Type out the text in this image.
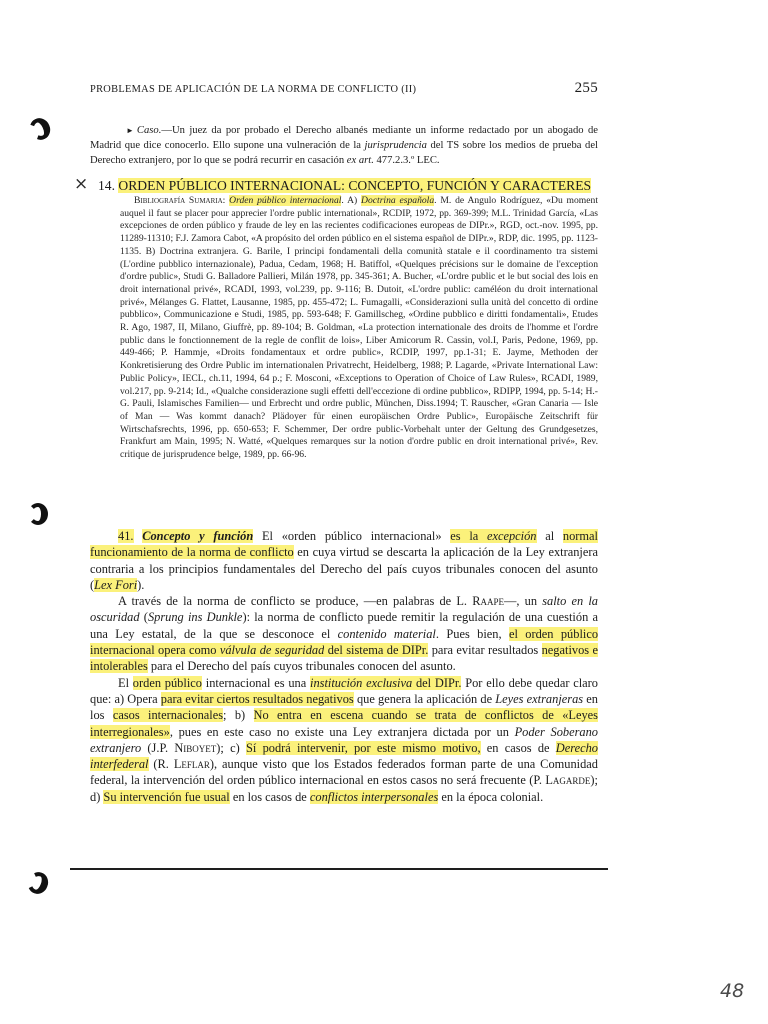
PROBLEMAS DE APLICACIÓN DE LA NORMA DE CONFLICTO (II)	255
► Caso.—Un juez da por probado el Derecho albanés mediante un informe redactado por un abogado de Madrid que dice conocerlo. Ello supone una vulneración de la jurisprudencia del TS sobre los medios de prueba del Derecho extranjero, por lo que se podrá recurrir en casación ex art. 477.2.3.º LEC.
× 14. ORDEN PÚBLICO INTERNACIONAL: CONCEPTO, FUNCIÓN Y CARACTERES

Bibliografía Sumaria: Orden público internacional. A) Doctrina española. M. de Angulo Rodríguez, «Du moment auquel il faut se placer pour apprecier l'ordre public international», RCDIP, 1972, pp. 369-399; M.L. Trinidad García, «Las excepciones de orden público y fraude de ley en las recientes codificaciones europeas de DIPr.», RGD, oct.-nov. 1995, pp. 11289-11310; F.J. Zamora Cabot, «A propósito del orden público en el sistema español de DIPr.», RDP, dic. 1995, pp. 1123-1135. B) Doctrina extranjera. G. Barile, I principi fondamentali della comunità statale e il coordinamento tra sistemi (L'ordine pubblico internazionale), Padua, Cedam, 1968; H. Batiffol, «Quelques précisions sur le domaine de l'exception d'ordre public», Studi G. Balladore Pallieri, Milán 1978, pp. 345-361; A. Bucher, «L'ordre public et le but social des lois en droit international privé», RCADI, 1993, vol.239, pp. 9-116; B. Dutoit, «L'ordre public: caméléon du droit international privé», Mélanges G. Flattet, Lausanne, 1985, pp. 455-472; L. Fumagalli, «Considerazioni sulla unità del concetto di ordine pubblico», Communicazione e Studi, 1985, pp. 593-648; F. Gamillscheg, «Ordine pubblico e diritti fondamentali», Etudes R. Ago, 1987, II, Milano, Giuffrè, pp. 89-104; B. Goldman, «La protection internationale des droits de l'homme et l'ordre public dans le fonctionnement de la regle de conflit de lois», Liber Amicorum R. Cassin, vol.I, Paris, Pedone, 1969, pp. 449-466; P. Hammje, «Droits fondamentaux et ordre public», RCDIP, 1997, pp.1-31; E. Jayme, Methoden der Konkretisierung des Ordre Public im internationalen Privatrecht, Heidelberg, 1988; P. Lagarde, «Private International Law: Public Policy», IECL, ch.11, 1994, 64 p.; F. Mosconi, «Exceptions to Operation of Choice of Law Rules», RCADI, 1989, vol.217, pp. 9-214; Id., «Qualche considerazione sugli effetti dell'eccezione di ordine pubblico», RDIPP, 1994, pp. 5-14; H.-G. Pauli, Islamisches Familien— und Erbrecht und ordre public, München, Diss.1994; T. Rauscher, «Gran Canaria — Isle of Man — Was kommt danach? Plädoyer für einen europäischen Ordre Public», Europäische Zeitschrift für Wirtschafsrechts, 1996, pp. 650-653; F. Schemmer, Der ordre public-Vorbehalt unter der Geltung des Grundgesetzes, Frankfurt am Main, 1995; N. Watté, «Quelques remarques sur la notion d'ordre public en droit international privé», Rev. critique de jurisprudence belge, 1989, pp. 66-96.

41. Concepto y función El «orden público internacional» es la excepción al normal funcionamiento de la norma de conflicto en cuya virtud se descarta la aplicación de la Ley extranjera contraria a los principios fundamentales del Derecho del país cuyos tribunales conocen del asunto (Lex Fori).

A través de la norma de conflicto se produce, —en palabras de L. Raape—, un salto en la oscuridad (Sprung ins Dunkle): la norma de conflicto puede remitir la regulación de una cuestión a una Ley estatal, de la que se desconoce el contenido material. Pues bien, el orden público internacional opera como válvula de seguridad del sistema de DIPr. para evitar resultados negativos e intolerables para el Derecho del país cuyos tribunales conocen del asunto.

El orden público internacional es una institución exclusiva del DIPr. Por ello debe quedar claro que: a) Opera para evitar ciertos resultados negativos que genera la aplicación de Leyes extranjeras en los casos internacionales; b) No entra en escena cuando se trata de conflictos de «Leyes interregionales», pues en este caso no existe una Ley extranjera dictada por un Poder Soberano extranjero (J.P. Niboyet); c) Sí podrá intervenir, por este mismo motivo, en casos de Derecho interfederal (R. Leflar), aunque visto que los Estados federados forman parte de una Comunidad federal, la intervención del orden público internacional en estos casos no será frecuente (P. Lagarde); d) Su intervención fue usual en los casos de conflictos interpersonales en la época colonial.

48
